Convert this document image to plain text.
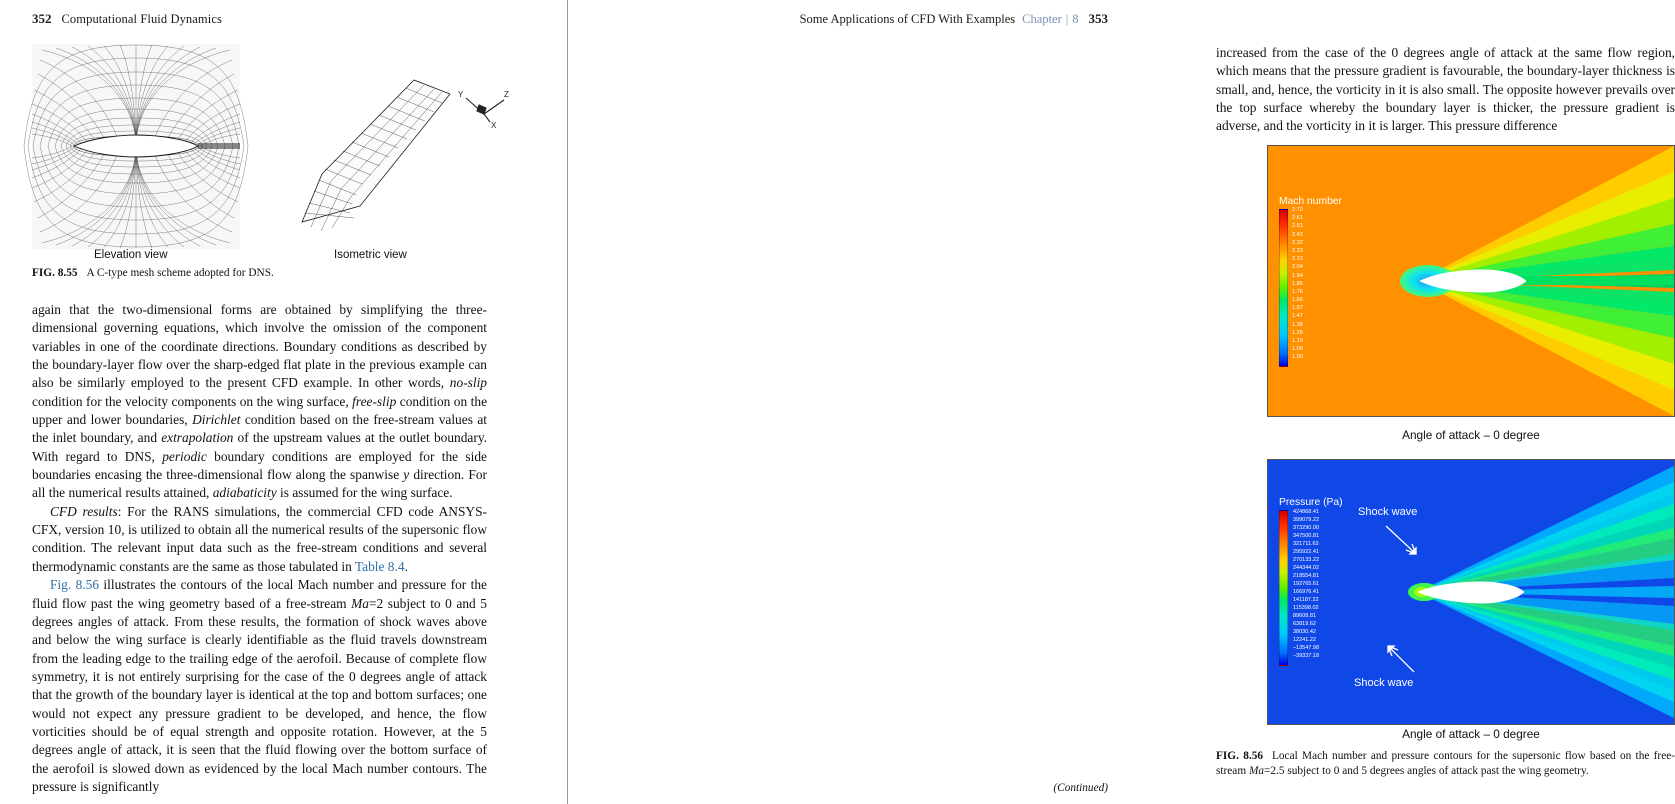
352 Computational Fluid Dynamics
Y	Z
X
Elevation view	Isometric view
FIG. 8.55 A C-type mesh scheme adopted for DNS.

again that the two-dimensional forms are obtained by simplifying the three-dimensional governing equations, which involve the omission of the component variables in one of the coordinate directions. Boundary conditions as described by the boundary-layer flow over the sharp-edged flat plate in the previous example can also be similarly employed to the present CFD example. In other words, no-slip condition for the velocity components on the wing surface, free-slip condition on the upper and lower boundaries, Dirichlet condition based on the free-stream values at the inlet boundary, and extrapolation of the upstream values at the outlet boundary. With regard to DNS, periodic boundary conditions are employed for the side boundaries encasing the three-dimensional flow along the spanwise y direction. For all the numerical results attained, adiabaticity is assumed for the wing surface.

CFD results: For the RANS simulations, the commercial CFD code ANSYS-CFX, version 10, is utilized to obtain all the numerical results of the supersonic flow condition. The relevant input data such as the free-stream conditions and several thermodynamic constants are the same as those tabulated in Table 8.4.

Fig. 8.56 illustrates the contours of the local Mach number and pressure for the fluid flow past the wing geometry based of a free-stream Ma=2 subject to 0 and 5 degrees angles of attack. From these results, the formation of shock waves above and below the wing surface is clearly identifiable as the fluid travels downstream from the leading edge to the trailing edge of the aerofoil. Because of complete flow symmetry, it is not entirely surprising for the case of the 0 degrees angle of attack that the growth of the boundary layer is identical at the top and bottom surfaces; one would not expect any pressure gradient to be developed, and hence, the flow vorticities should be of equal strength and opposite rotation. However, at the 5 degrees angle of attack, it is seen that the fluid flowing over the bottom surface of the aerofoil is slowed down as evidenced by the local Mach number contours. The pressure is significantly

Some Applications of CFD With Examples Chapter | 8 353

increased from the case of the 0 degrees angle of attack at the same flow region, which means that the pressure gradient is favourable, the boundary-layer thickness is small, and, hence, the vorticity in it is also small. The opposite however prevails over the top surface whereby the boundary layer is thicker, the pressure gradient is adverse, and the vorticity in it is larger. This pressure difference

Mach number
2.70
2.61
2.51
2.42
2.32
2.23
2.13
2.04
1.94
1.85
1.76
1.66
1.57
1.47
1.38
1.28
1.19
1.09
1.00
Angle of attack – 0 degree
Pressure (Pa)
424868.41
399079.22
373290.00
347500.81
321711.63
295922.41
270133.22
244344.02
218554.81
192765.61
166976.41
141187.22
115398.02
89608.81
63819.62
38030.42
12241.22
–13547.98
–39337.18
Shock wave
Shock wave
Angle of attack – 0 degree
FIG. 8.56 Local Mach number and pressure contours for the supersonic flow based on the free-stream Ma=2.5 subject to 0 and 5 degrees angles of attack past the wing geometry.
(Continued)
